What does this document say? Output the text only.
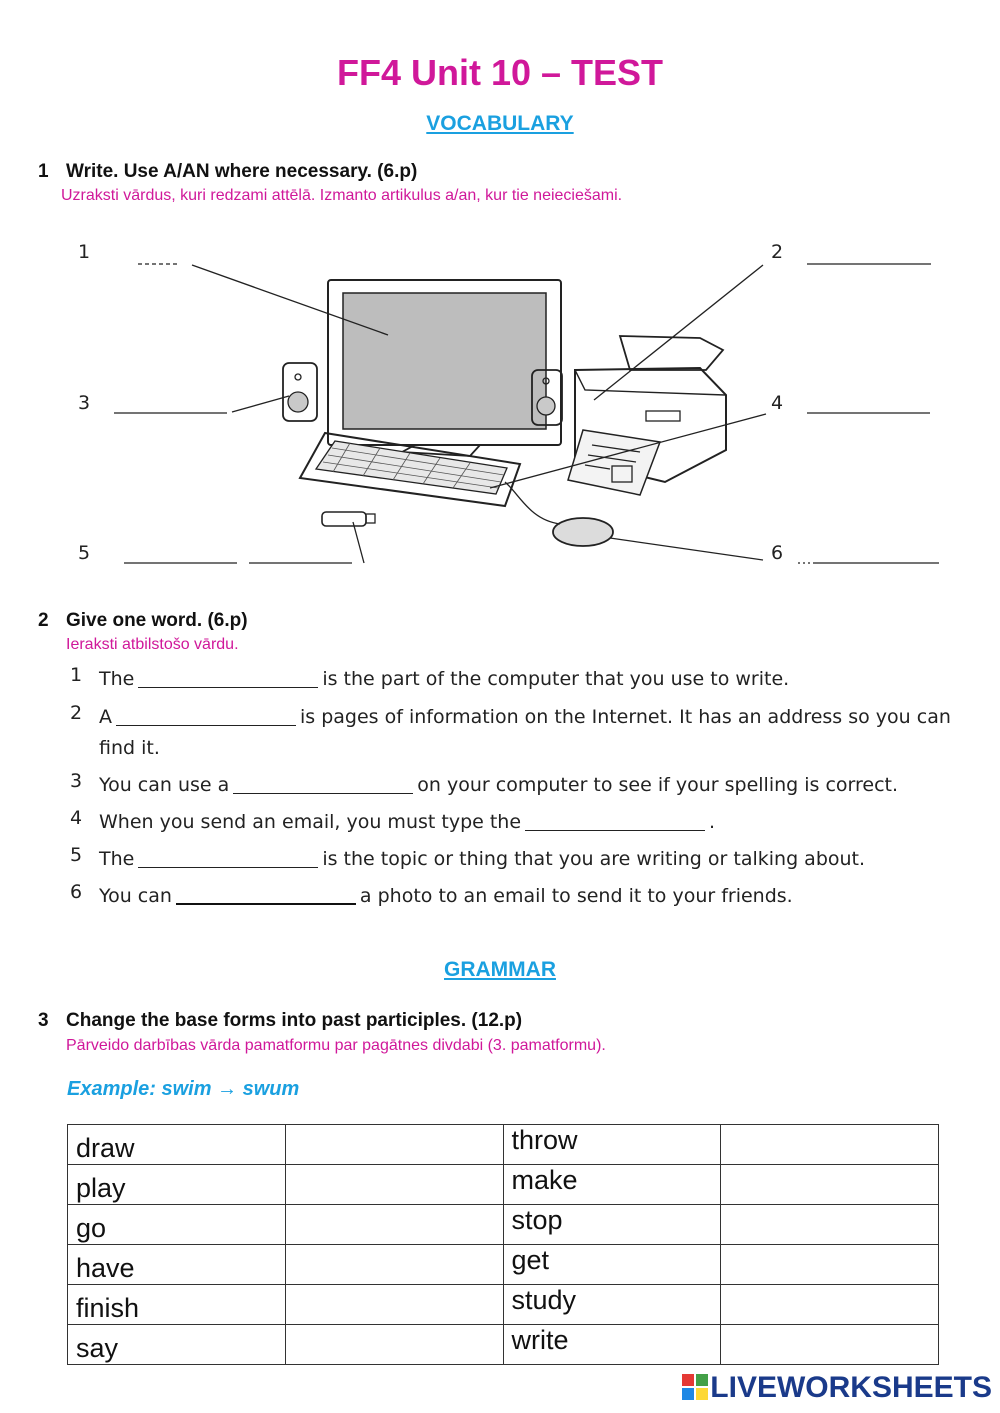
FF4 Unit 10 – TEST
VOCABULARY
1 Write. Use A/AN where necessary. (6.p)
Uzraksti vārdus, kuri redzami attēlā. Izmanto artikulus a/an, kur tie neieciešami.
1	2
3	4
5	6
2 Give one word. (6.p)
Ieraksti atbilstošo vārdu.
1 The	is the part of the computer that you use to write.
2 A	is pages of information on the Internet. It has an address so you can find it.
3 You can use a	on your computer to see if your spelling is correct.
4 When you send an email, you must type the	.
5 The	is the topic or thing that you are writing or talking about.
6 You can	a photo to an email to send it to your friends.
GRAMMAR
3 Change the base forms into past participles. (12.p)
Pārveido darbības vārda pamatformu par pagātnes divdabi (3. pamatformu).
Example: swim → swum
draw		throw	
play		make	
go		stop	
have		get	
finish		study	
say		write	
LIVEWORKSHEETS
